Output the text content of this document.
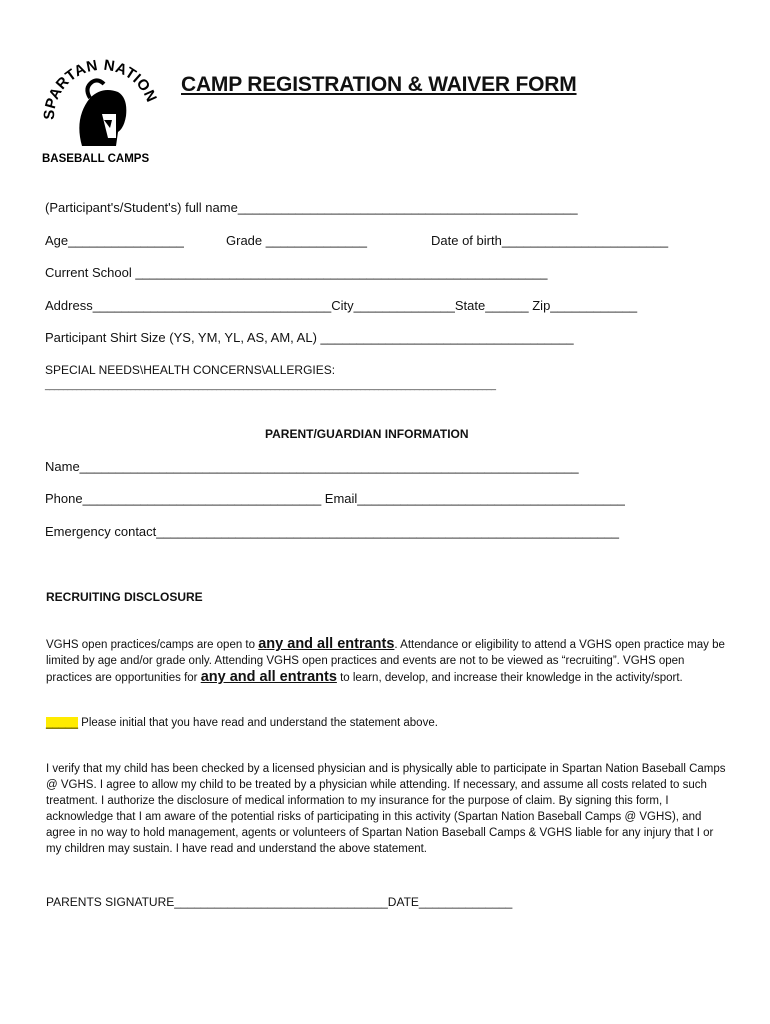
SPARTAN NATION
BASEBALL CAMPS
CAMP REGISTRATION & WAIVER FORM
(Participant's/Student's) full name_______________________________________________
Age________________	Grade ______________	Date of birth_______________________
Current School _________________________________________________________
Address_________________________________City______________State______ Zip____________
Participant Shirt Size (YS, YM, YL, AS, AM, AL) ___________________________________
SPECIAL NEEDS\HEALTH CONCERNS\ALLERGIES:
____________________________________________________________________________________________________
PARENT/GUARDIAN INFORMATION
Name_____________________________________________________________________
Phone_________________________________ Email_____________________________________
Emergency contact________________________________________________________________
RECRUITING DISCLOSURE
VGHS open practices/camps are open to any and all entrants. Attendance or eligibility to attend a VGHS open practice may be limited by age and/or grade only. Attending VGHS open practices and events are not to be viewed as “recruiting”. VGHS open practices are opportunities for any and all entrants to learn, develop, and increase their knowledge in the activity/sport.
_____ Please initial that you have read and understand the statement above.
I verify that my child has been checked by a licensed physician and is physically able to participate in Spartan Nation Baseball Camps @ VGHS. I agree to allow my child to be treated by a physician while attending. If necessary, and assume all costs related to such treatment. I authorize the disclosure of medical information to my insurance for the purpose of claim. By signing this form, I acknowledge that I am aware of the potential risks of participating in this activity (Spartan Nation Baseball Camps @ VGHS), and agree in no way to hold management, agents or volunteers of Spartan Nation Baseball Camps & VGHS liable for any injury that I or my children may sustain. I have read and understand the above statement.
PARENTS SIGNATURE________________________________DATE______________
